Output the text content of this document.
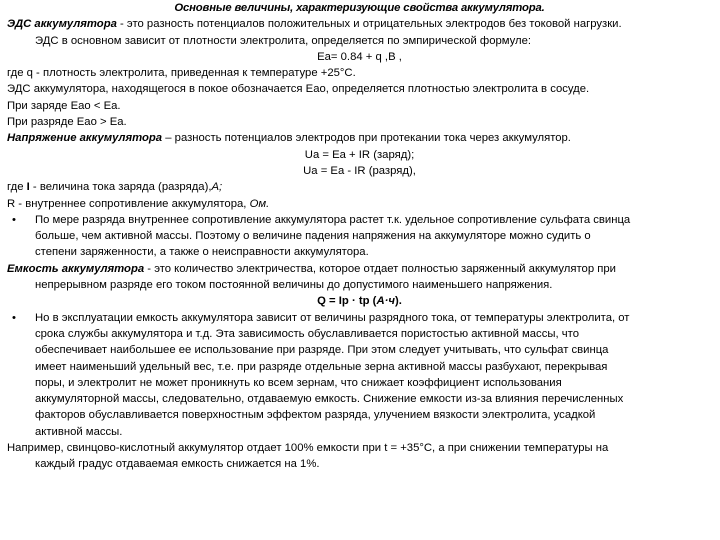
Основные величины, характеризующие свойства аккумулятора.
ЭДС аккумулятора - это разность потенциалов положительных и отрицательных электродов без токовой нагрузки.
ЭДС в основном зависит от плотности электролита, определяется по эмпирической формуле:
Ea= 0.84 + q ,B ,
где q - плотность электролита, приведенная к температуре +25°С.
ЭДС аккумулятора, находящегося в покое обозначается Eao, определяется плотностью электролита в сосуде.
При заряде Eao < Ea.
При разряде Eao > Ea.
Напряжение аккумулятора – разность потенциалов электродов при протекании тока через аккумулятор.
Ua = Ea + IR (заряд);
Ua = Ea - IR (разряд),
где I - величина тока заряда (разряда),А;
R - внутреннее сопротивление аккумулятора, Ом.
•	По мере разряда внутреннее сопротивление аккумулятора растет т.к. удельное сопротивление сульфата свинца
больше, чем активной массы. Поэтому о величине падения напряжения на аккумуляторе можно судить о
степени заряженности, а также о неисправности аккумулятора.
Емкость аккумулятора - это количество электричества, которое отдает полностью заряженный аккумулятор при
непрерывном разряде его током постоянной величины до допустимого наименьшего напряжения.
Q = Ip · tp (А·ч).
•	Но в эксплуатации емкость аккумулятора зависит от величины разрядного тока, от температуры электролита, от
срока службы аккумулятора и т.д. Эта зависимость обуславливается пористостью активной массы, что
обеспечивает наибольшее ее использование при разряде. При этом следует учитывать, что сульфат свинца
имеет наименьший удельный вес, т.е. при разряде отдельные зерна активной массы разбухают, перекрывая
поры, и электролит не может проникнуть ко всем зернам, что снижает коэффициент использования
аккумуляторной массы, следовательно, отдаваемую емкость. Снижение емкости из-за влияния перечисленных
факторов обуславливается поверхностным эффектом разряда, улучением вязкости электролита, усадкой
активной массы.
Например, свинцово-кислотный аккумулятор отдает 100% емкости при t = +35°С, а при снижении температуры на
каждый градус отдаваемая емкость снижается на 1%.
